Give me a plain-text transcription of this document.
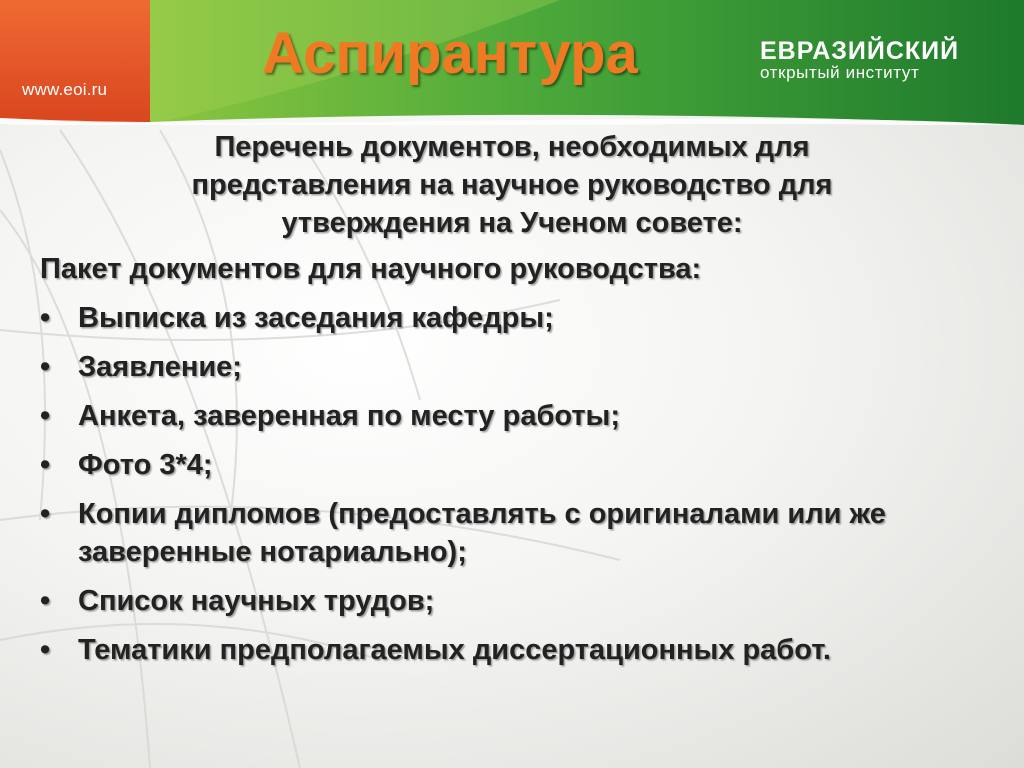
www.eoi.ru
Аспирантура	ЕВРАЗИЙСКИЙ
открытый институт

Перечень документов, необходимых для
представления на научное руководство для
утверждения на Ученом совете:

Пакет документов для научного руководства:

• Выписка из заседания кафедры;
• Заявление;
• Анкета, заверенная по месту работы;
• Фото 3*4;
• Копии дипломов (предоставлять с оригиналами или же заверенные нотариально);
• Список научных трудов;
• Тематики предполагаемых диссертационных работ.
